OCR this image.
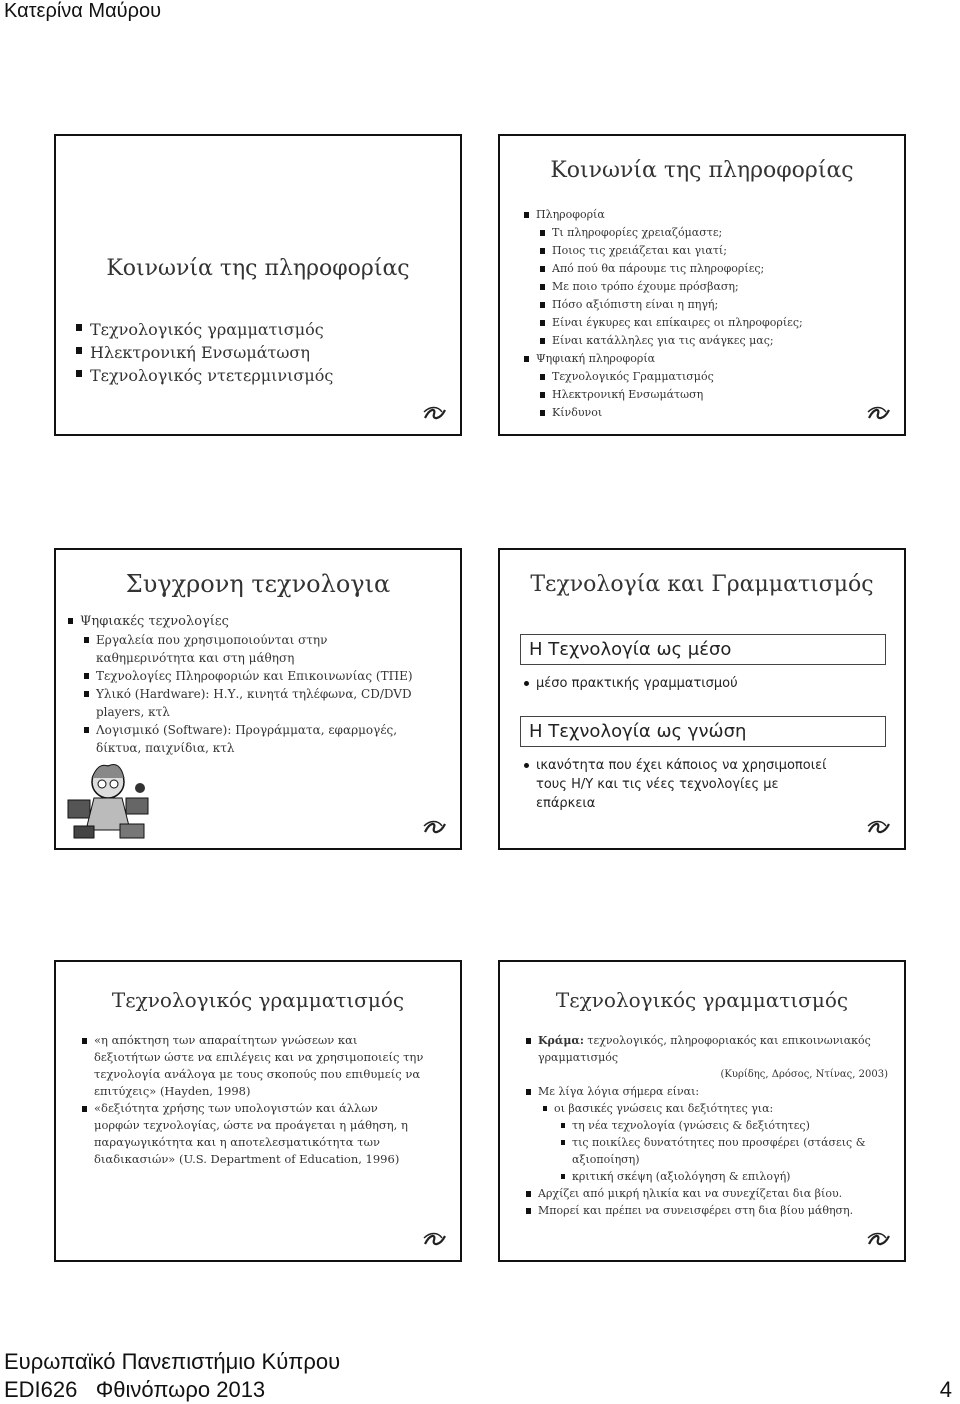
Κατερίνα Μαύρου
Κοινωνία της πληροφορίας
Τεχνολογικός γραμματισμός
Ηλεκτρονική Ενσωμάτωση
Τεχνολογικός ντετερμινισμός
Κοινωνία της πληροφορίας
Πληροφορία
Τι πληροφορίες χρειαζόμαστε;
Ποιος τις χρειάζεται και γιατί;
Από πού θα πάρουμε τις πληροφορίες;
Με ποιο τρόπο έχουμε πρόσβαση;
Πόσο αξιόπιστη είναι η πηγή;
Είναι έγκυρες και επίκαιρες οι πληροφορίες;
Είναι κατάλληλες για τις ανάγκες μας;
Ψηφιακή πληροφορία
Τεχνολογικός Γραμματισμός
Ηλεκτρονική Ενσωμάτωση
Κίνδυνοι
Συγχρονη τεχνολογια
Ψηφιακές τεχνολογίες
Εργαλεία που χρησιμοποιούνται στην καθημερινότητα και στη μάθηση
Τεχνολογίες Πληροφοριών και Επικοινωνίας (ΤΠΕ)
Υλικό (Hardware): Η.Υ., κινητά τηλέφωνα, CD/DVD players, κτλ
Λογισμικό (Software): Προγράμματα, εφαρμογές, δίκτυα, παιχνίδια, κτλ
Τεχνολογία και Γραμματισμός
Η Τεχνολογία ως μέσο
μέσο πρακτικής γραμματισμού
Η Τεχνολογία ως γνώση
ικανότητα που έχει κάποιος να χρησιμοποιεί τους Η/Υ και τις νέες τεχνολογίες με επάρκεια
Τεχνολογικός γραμματισμός
«η απόκτηση των απαραίτητων γνώσεων και δεξιοτήτων ώστε να επιλέγεις και να χρησιμοποιείς την τεχνολογία ανάλογα με τους σκοπούς που επιθυμείς να επιτύχεις» (Hayden, 1998)
«δεξιότητα χρήσης των υπολογιστών και άλλων μορφών τεχνολογίας, ώστε να προάγεται η μάθηση, η παραγωγικότητα και η αποτελεσματικότητα των διαδικασιών» (U.S. Department of Education, 1996)
Τεχνολογικός γραμματισμός
Κράμα: τεχνολογικός, πληροφοριακός και επικοινωνιακός γραμματισμός
(Κυρίδης, Δρόσος, Ντίνας, 2003)
Με λίγα λόγια σήμερα είναι:
οι βασικές γνώσεις και δεξιότητες για:
τη νέα τεχνολογία (γνώσεις & δεξιότητες)
τις ποικίλες δυνατότητες που προσφέρει (στάσεις & αξιοποίηση)
κριτική σκέψη (αξιολόγηση & επιλογή)
Αρχίζει από μικρή ηλικία και να συνεχίζεται δια βίου.
Μπορεί και πρέπει να συνεισφέρει στη δια βίου μάθηση.
Ευρωπαϊκό Πανεπιστήμιο Κύπρου
EDI626   Φθινόπωρο 2013	4
